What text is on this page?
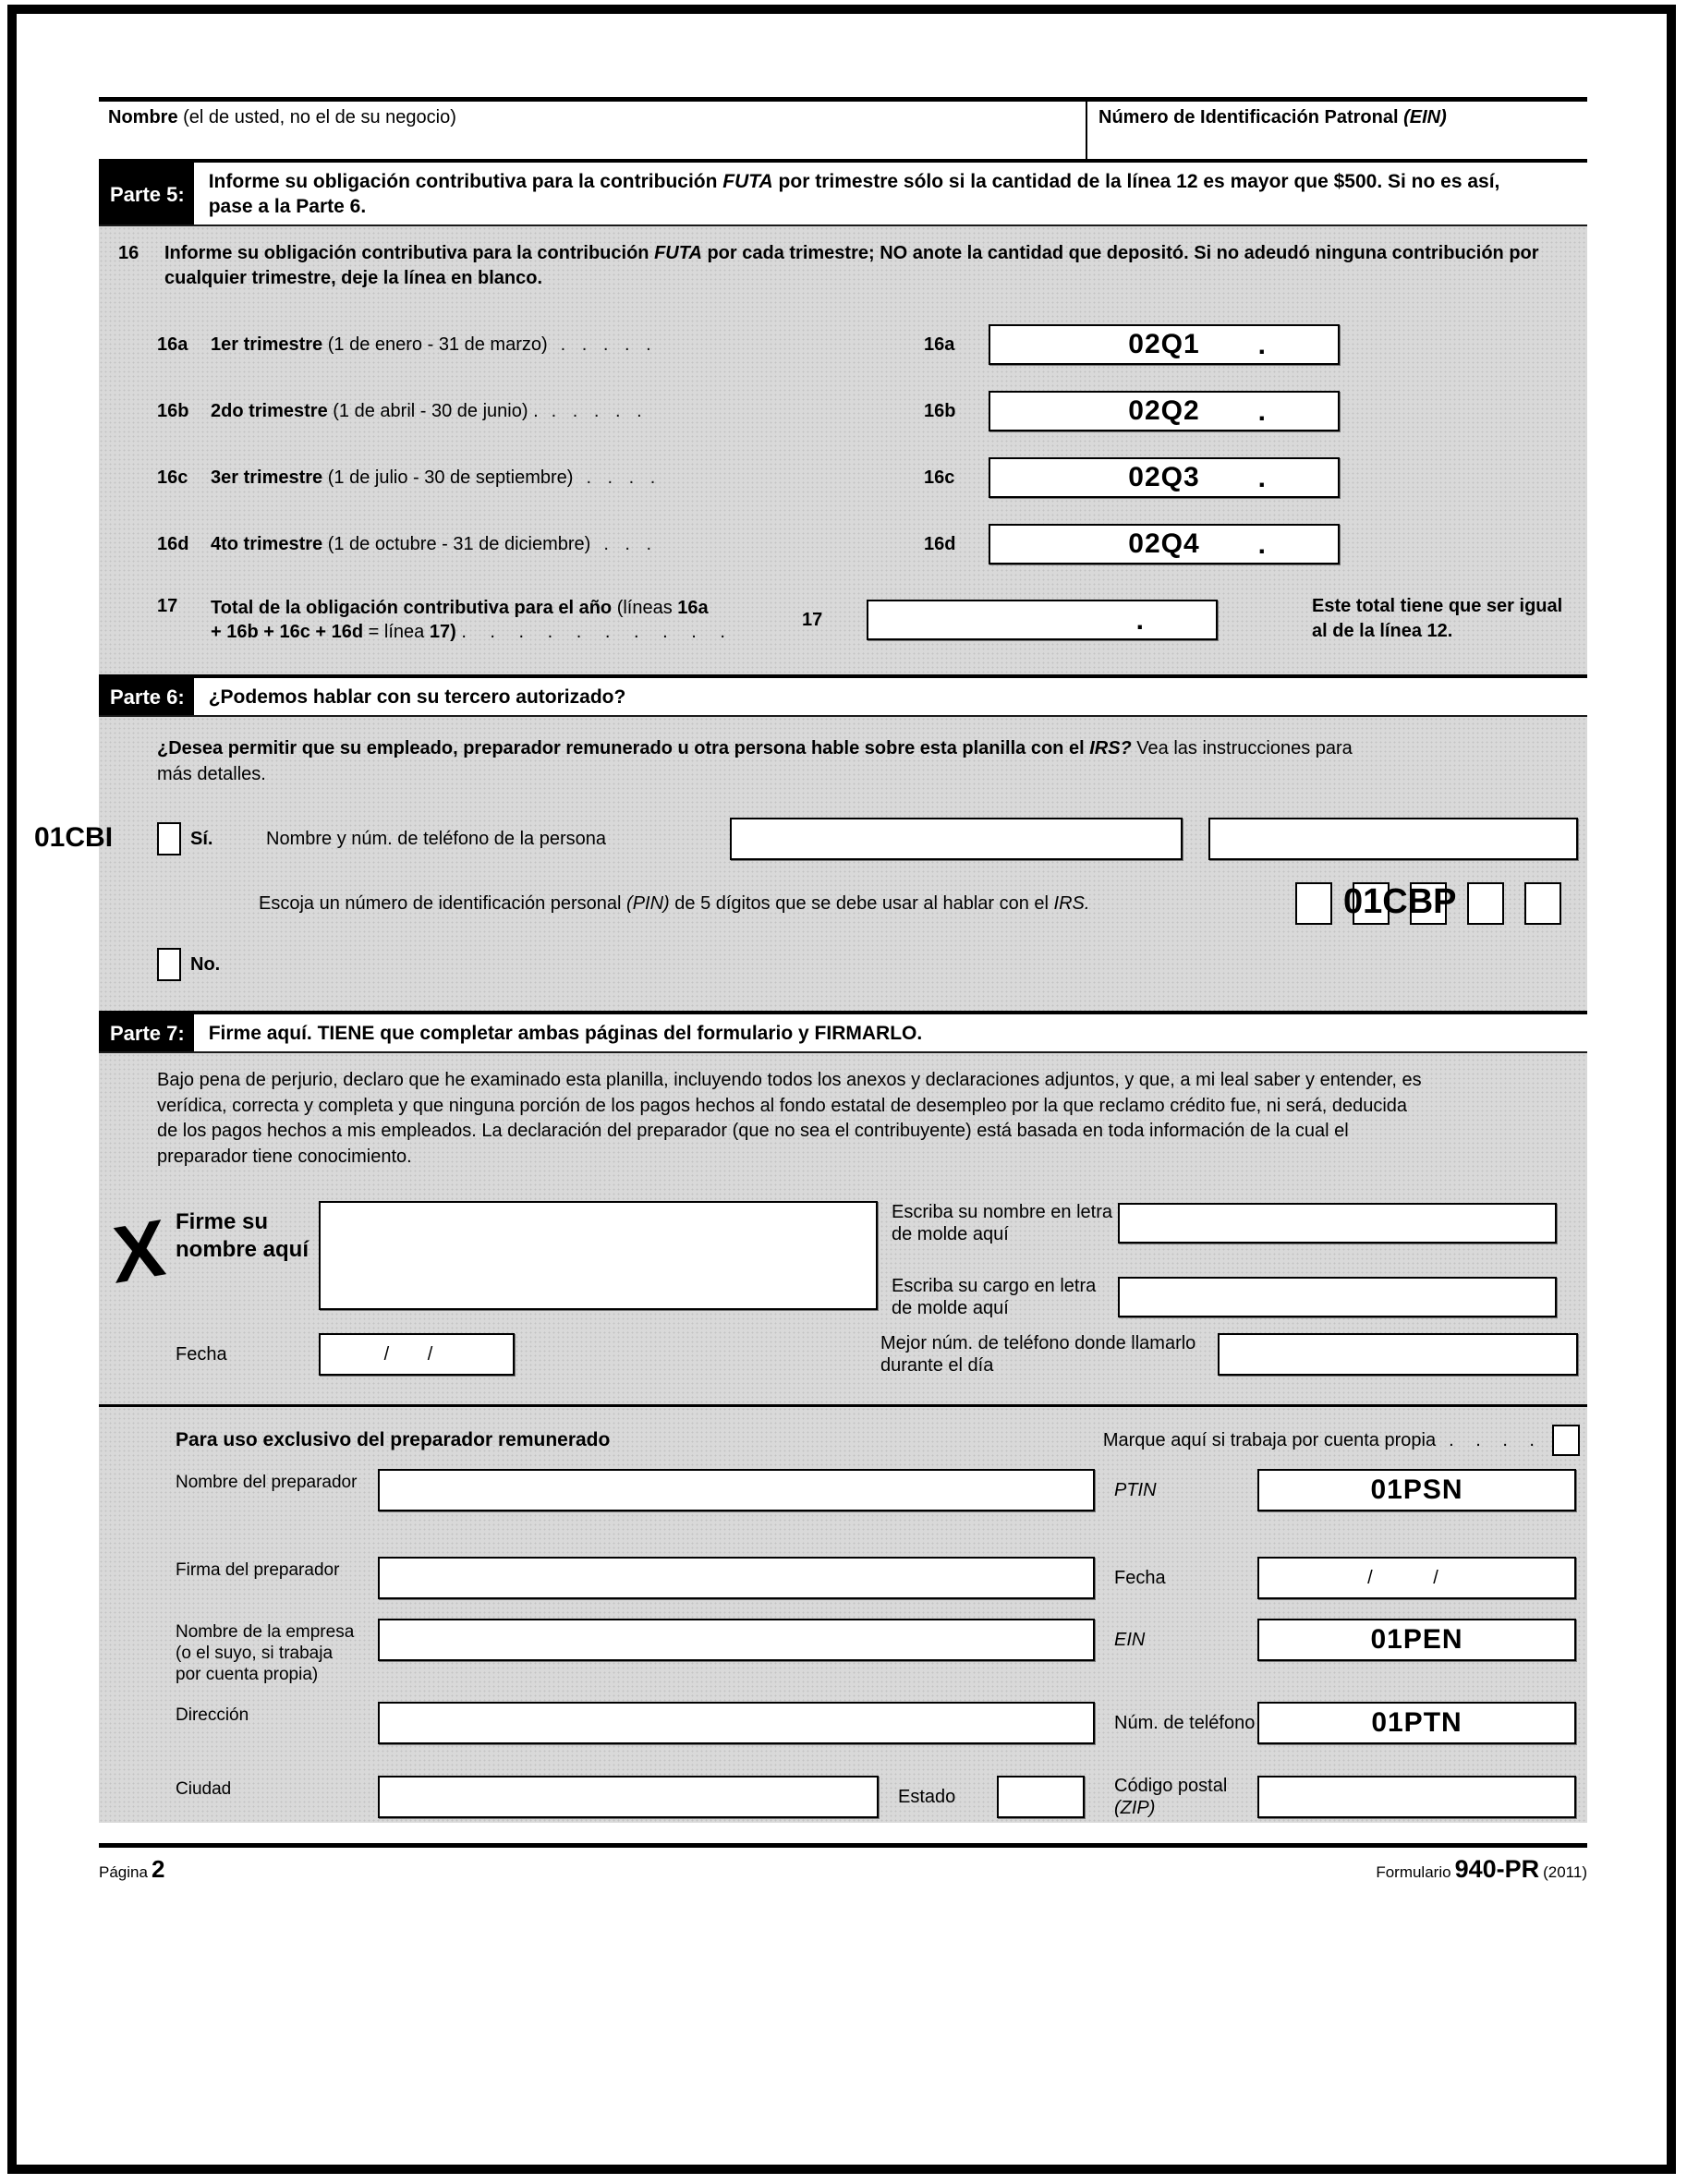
Nombre (el de usted, no el de su negocio)	Número de Identificación Patronal (EIN)
Parte 5:
Informe su obligación contributiva para la contribución FUTA por trimestre sólo si la cantidad de la línea 12 es mayor que $500. Si no es así, pase a la Parte 6.
16	Informe su obligación contributiva para la contribución FUTA por cada trimestre; NO anote la cantidad que depositó. Si no adeudó ninguna contribución por cualquier trimestre, deje la línea en blanco.
16a	1er trimestre (1 de enero - 31 de marzo) . . . . .	16a	02Q1 .
16b	2do trimestre (1 de abril - 30 de junio) . . . . . .	16b	02Q2 .
16c	3er trimestre (1 de julio - 30 de septiembre) . . . .	16c	02Q3 .
16d	4to trimestre (1 de octubre - 31 de diciembre) . . .	16d	02Q4 .
17	Total de la obligación contributiva para el año (líneas 16a
+ 16b + 16c + 16d = línea 17) . . . . . . . . . .
17	.	Este total tiene que ser igual al de la línea 12.
Parte 6:	¿Podemos hablar con su tercero autorizado?
¿Desea permitir que su empleado, preparador remunerado u otra persona hable sobre esta planilla con el IRS? Vea las instrucciones para más detalles.
01CBI	Sí.	Nombre y núm. de teléfono de la persona
Escoja un número de identificación personal (PIN) de 5 dígitos que se debe usar al hablar con el IRS.	01CBP
No.
Parte 7:	Firme aquí. TIENE que completar ambas páginas del formulario y FIRMARLO.
Bajo pena de perjurio, declaro que he examinado esta planilla, incluyendo todos los anexos y declaraciones adjuntos, y que, a mi leal saber y entender, es verídica, correcta y completa y que ninguna porción de los pagos hechos al fondo estatal de desempleo por la que reclamo crédito fue, ni será, deducida de los pagos hechos a mis empleados. La declaración del preparador (que no sea el contribuyente) está basada en toda información de la cual el preparador tiene conocimiento.
X Firme su nombre aquí
Escriba su nombre en letra de molde aquí
Escriba su cargo en letra de molde aquí
Fecha	/ /
Mejor núm. de teléfono donde llamarlo durante el día
Para uso exclusivo del preparador remunerado	Marque aquí si trabaja por cuenta propia . . . .
Nombre del preparador	PTIN	01PSN
Firma del preparador	Fecha	/ /
Nombre de la empresa (o el suyo, si trabaja por cuenta propia)
EIN	01PEN
Dirección	Núm. de teléfono	01PTN
Ciudad	Estado
Código postal (ZIP)
Página 2	Formulario 940-PR (2011)
